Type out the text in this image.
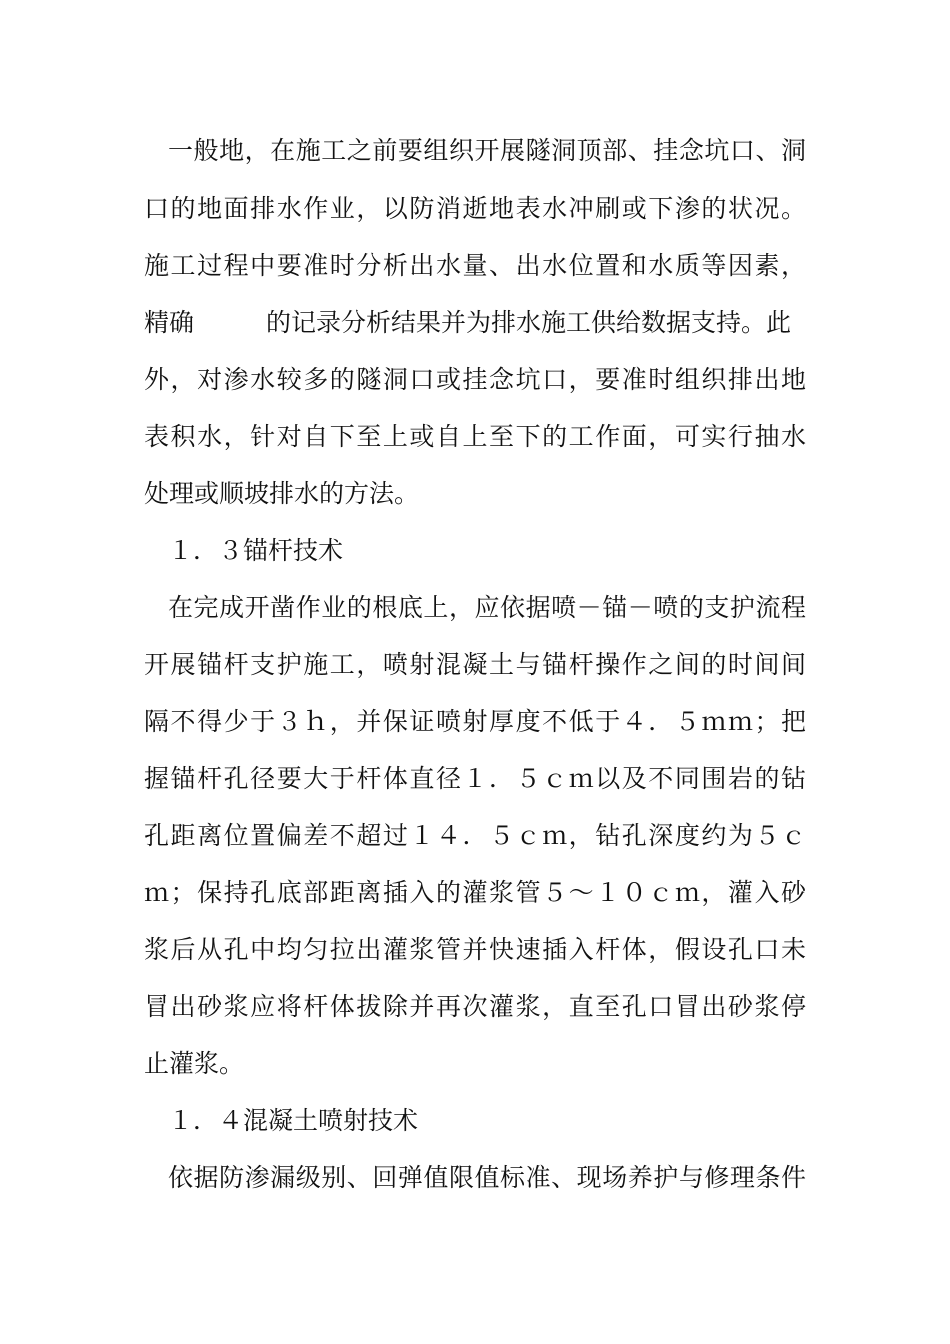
一般地，在施工之前要组织开展隧洞顶部、挂念坑口、洞
口的地面排水作业，以防消逝地表水冲刷或下渗的状况。
施工过程中要准时分析出水量、出水位置和水质等因素，
精确	的记录分析结果并为排水施工供给数据支持。此
外，对渗水较多的隧洞口或挂念坑口，要准时组织排出地
表积水，针对自下至上或自上至下的工作面，可实行抽水
处理或顺坡排水的方法。
１．３锚杆技术
在完成开凿作业的根底上，应依据喷－锚－喷的支护流程
开展锚杆支护施工，喷射混凝土与锚杆操作之间的时间间
隔不得少于３ｈ，并保证喷射厚度不低于４．５ｍｍ；把
握锚杆孔径要大于杆体直径１．５ｃｍ以及不同围岩的钻
孔距离位置偏差不超过１４．５ｃｍ，钻孔深度约为５ｃ
ｍ；保持孔底部距离插入的灌浆管５～１０ｃｍ，灌入砂
浆后从孔中均匀拉出灌浆管并快速插入杆体，假设孔口未
冒出砂浆应将杆体拔除并再次灌浆，直至孔口冒出砂浆停
止灌浆。
１．４混凝土喷射技术
依据防渗漏级别、回弹值限值标准、现场养护与修理条件
